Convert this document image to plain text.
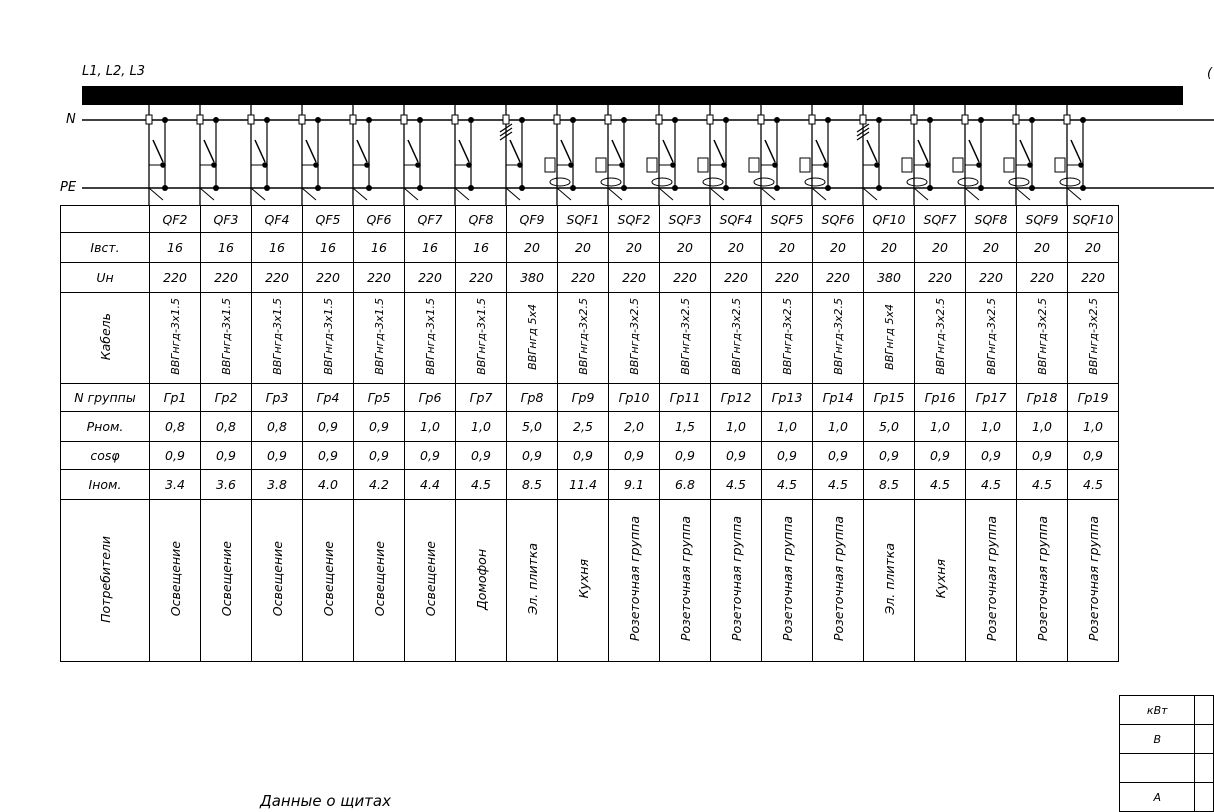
L1, L2, L3
N
PE
(
	QF2	QF3	QF4	QF5	QF6	QF7	QF8	QF9	SQF1	SQF2	SQF3	SQF4	SQF5	SQF6	QF10	SQF7	SQF8	SQF9	SQF10
Iвст.	16	16	16	16	16	16	16	20	20	20	20	20	20	20	20	20	20	20	20
Uн	220	220	220	220	220	220	220	380	220	220	220	220	220	220	380	220	220	220	220
Кабель	ВВГнгд-3х1.5	ВВГнгд-3х1.5	ВВГнгд-3х1.5	ВВГнгд-3х1.5	ВВГнгд-3х1.5	ВВГнгд-3х1.5	ВВГнгд-3х1.5	ВВГнгд 5х4	ВВГнгд-3х2.5	ВВГнгд-3х2.5	ВВГнгд-3х2.5	ВВГнгд-3х2.5	ВВГнгд-3х2.5	ВВГнгд-3х2.5	ВВГнгд 5х4	ВВГнгд-3х2.5	ВВГнгд-3х2.5	ВВГнгд-3х2.5	ВВГнгд-3х2.5
N группы	Гр1	Гр2	Гр3	Гр4	Гр5	Гр6	Гр7	Гр8	Гр9	Гр10	Гр11	Гр12	Гр13	Гр14	Гр15	Гр16	Гр17	Гр18	Гр19
Pном.	0,8	0,8	0,8	0,9	0,9	1,0	1,0	5,0	2,5	2,0	1,5	1,0	1,0	1,0	5,0	1,0	1,0	1,0	1,0
cosφ	0,9	0,9	0,9	0,9	0,9	0,9	0,9	0,9	0,9	0,9	0,9	0,9	0,9	0,9	0,9	0,9	0,9	0,9	0,9
Iном.	3.4	3.6	3.8	4.0	4.2	4.4	4.5	8.5	11.4	9.1	6.8	4.5	4.5	4.5	8.5	4.5	4.5	4.5	4.5
Потребители	Освещение	Освещение	Освещение	Освещение	Освещение	Освещение	Домофон	Эл. плитка	Кухня	Розеточная группа	Розеточная группа	Розеточная группа	Розеточная группа	Розеточная группа	Эл. плитка	Кухня	Розеточная группа	Розеточная группа	Розеточная группа
Данные о щитах
кВт	
В	

А	
